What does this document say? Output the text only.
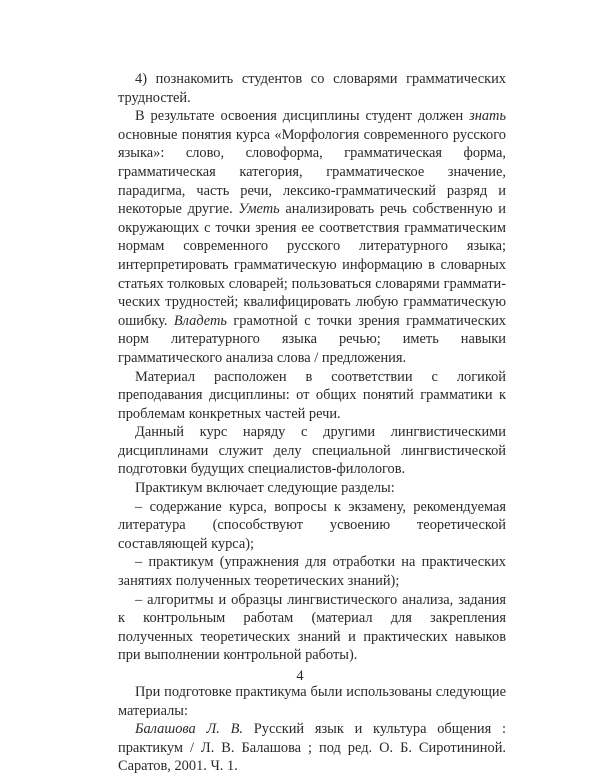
4) познакомить студентов со словарями грамматических трудностей.

В результате освоения дисциплины студент должен знать основные понятия курса «Морфология современного русского языка»: слово, словоформа, грамматическая форма, грамматическая категория, грамматическое значение, парадигма, часть речи, лексико-грамматический разряд и некоторые другие. Уметь анализировать речь собственную и окружающих с точки зрения ее соответствия грамматическим нормам современного русского литературного языка; интерпретировать грамматическую информацию в словарных статьях толковых словарей; пользоваться словарями грамматических трудностей; квалифицировать любую грамматическую ошибку. Владеть грамотной с точки зрения грамматических норм литературного языка речью; иметь навыки грамматического анализа слова / предложения.

Материал расположен в соответствии с логикой преподавания дисциплины: от общих понятий грамматики к проблемам конкретных частей речи.

Данный курс наряду с другими лингвистическими дисциплинами служит делу специальной лингвистической подготовки будущих специалистов-филологов.

Практикум включает следующие разделы:

– содержание курса, вопросы к экзамену, рекомендуемая литература (способствуют усвоению теоретической составляющей курса);

– практикум (упражнения для отработки на практических занятиях полученных теоретических знаний);

– алгоритмы и образцы лингвистического анализа, задания к контрольным работам (материал для закрепления полученных теоретических знаний и практических навыков при выполнении контрольной работы).

При подготовке практикума были использованы следующие материалы:

Балашова Л. В. Русский язык и культура общения : практикум / Л. В. Балашова ; под ред. О. Б. Сиротининой. Саратов, 2001. Ч. 1.

4
